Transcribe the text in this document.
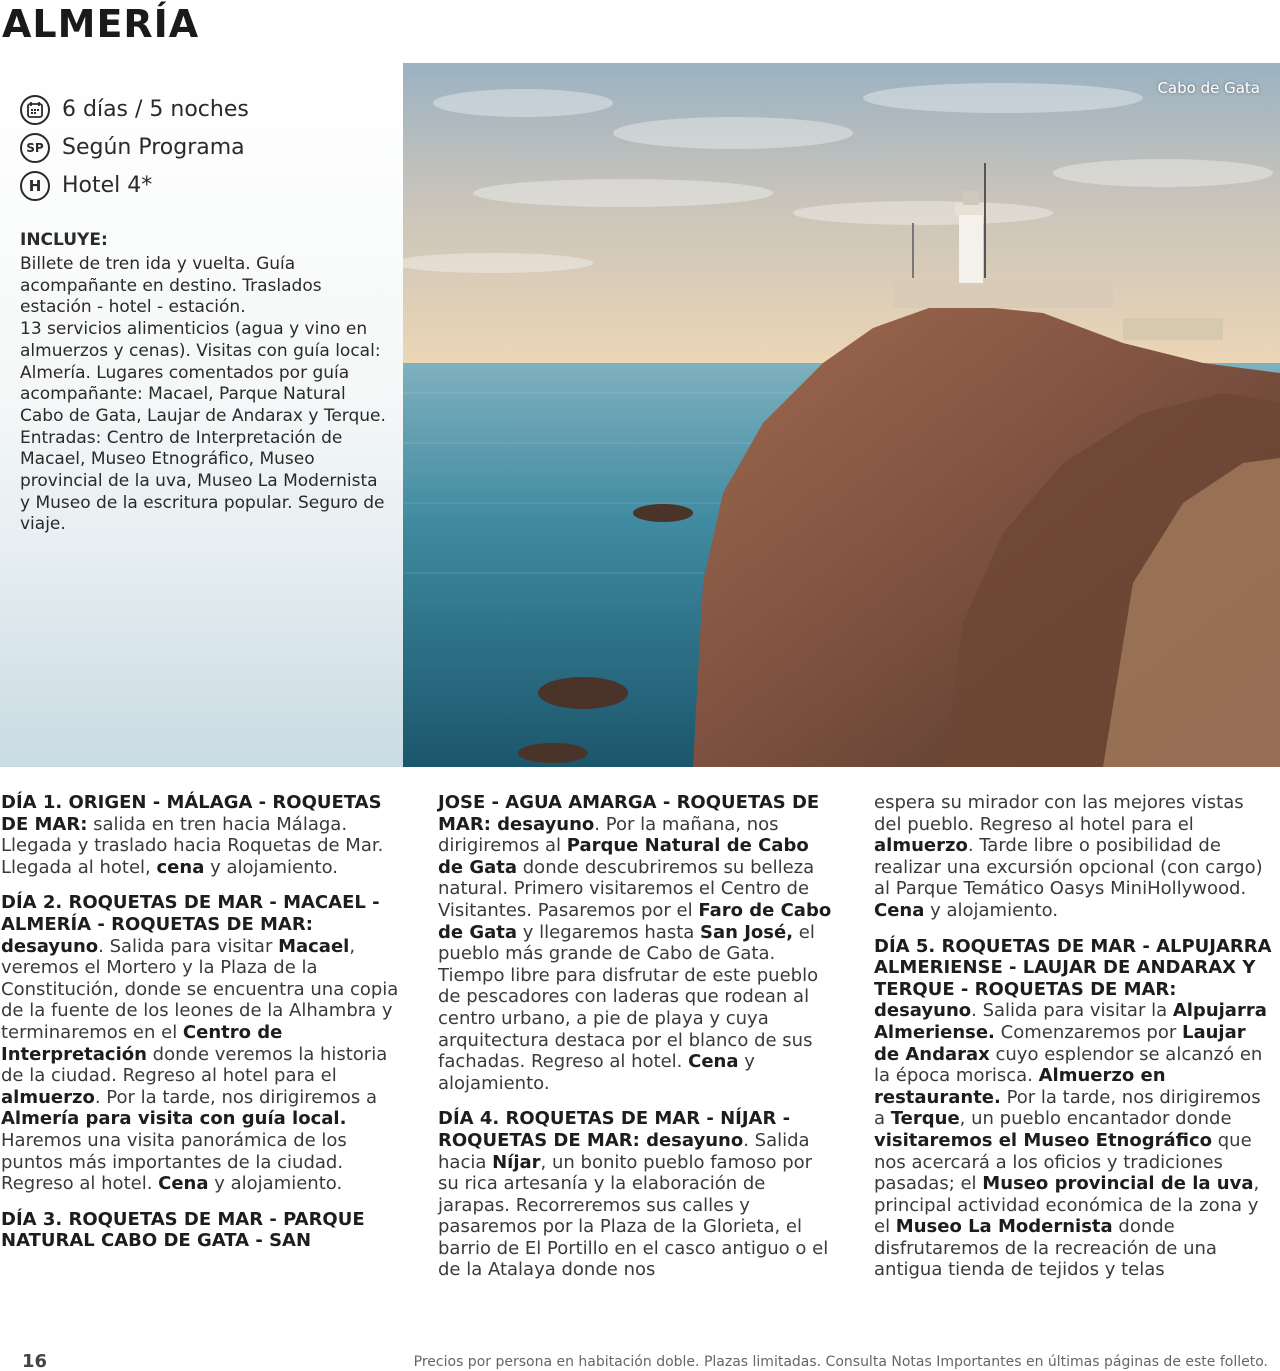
ALMERÍA
6 días / 5 noches
SP Según Programa
H Hotel 4*
INCLUYE:
Billete de tren ida y vuelta. Guía acompañante en destino. Traslados estación - hotel - estación.
13 servicios alimenticios (agua y vino en almuerzos y cenas). Visitas con guía local: Almería. Lugares comentados por guía acompañante: Macael, Parque Natural Cabo de Gata, Laujar de Andarax y Terque. Entradas: Centro de Interpretación de Macael, Museo Etnográfico, Museo provincial de la uva, Museo La Modernista y Museo de la escritura popular. Seguro de viaje.
Cabo de Gata

DÍA 1. ORIGEN - MÁLAGA - ROQUETAS DE MAR: salida en tren hacia Málaga. Llegada y traslado hacia Roquetas de Mar. Llegada al hotel, cena y alojamiento.

DÍA 2. ROQUETAS DE MAR - MACAEL - ALMERÍA - ROQUETAS DE MAR: desayuno. Salida para visitar Macael, veremos el Mortero y la Plaza de la Constitución, donde se encuentra una copia de la fuente de los leones de la Alhambra y terminaremos en el Centro de Interpretación donde veremos la historia de la ciudad. Regreso al hotel para el almuerzo. Por la tarde, nos dirigiremos a Almería para visita con guía local. Haremos una visita panorámica de los puntos más importantes de la ciudad. Regreso al hotel. Cena y alojamiento.

DÍA 3. ROQUETAS DE MAR - PARQUE NATURAL CABO DE GATA - SAN

JOSE - AGUA AMARGA - ROQUETAS DE MAR: desayuno. Por la mañana, nos dirigiremos al Parque Natural de Cabo de Gata donde descubriremos su belleza natural. Primero visitaremos el Centro de Visitantes. Pasaremos por el Faro de Cabo de Gata y llegaremos hasta San José, el pueblo más grande de Cabo de Gata. Tiempo libre para disfrutar de este pueblo de pescadores con laderas que rodean al centro urbano, a pie de playa y cuya arquitectura destaca por el blanco de sus fachadas. Regreso al hotel. Cena y alojamiento.

DÍA 4. ROQUETAS DE MAR - NÍJAR - ROQUETAS DE MAR: desayuno. Salida hacia Níjar, un bonito pueblo famoso por su rica artesanía y la elaboración de jarapas. Recorreremos sus calles y pasaremos por la Plaza de la Glorieta, el barrio de El Portillo en el casco antiguo o el de la Atalaya donde nos

espera su mirador con las mejores vistas del pueblo. Regreso al hotel para el almuerzo. Tarde libre o posibilidad de realizar una excursión opcional (con cargo) al Parque Temático Oasys MiniHollywood. Cena y alojamiento.

DÍA 5. ROQUETAS DE MAR - ALPUJARRA ALMERIENSE - LAUJAR DE ANDARAX Y TERQUE - ROQUETAS DE MAR: desayuno. Salida para visitar la Alpujarra Almeriense. Comenzaremos por Laujar de Andarax cuyo esplendor se alcanzó en la época morisca. Almuerzo en restaurante. Por la tarde, nos dirigiremos a Terque, un pueblo encantador donde visitaremos el Museo Etnográfico que nos acercará a los oficios y tradiciones pasadas; el Museo provincial de la uva, principal actividad económica de la zona y el Museo La Modernista donde disfrutaremos de la recreación de una antigua tienda de tejidos y telas

16	Precios por persona en habitación doble. Plazas limitadas. Consulta Notas Importantes en últimas páginas de este folleto.
